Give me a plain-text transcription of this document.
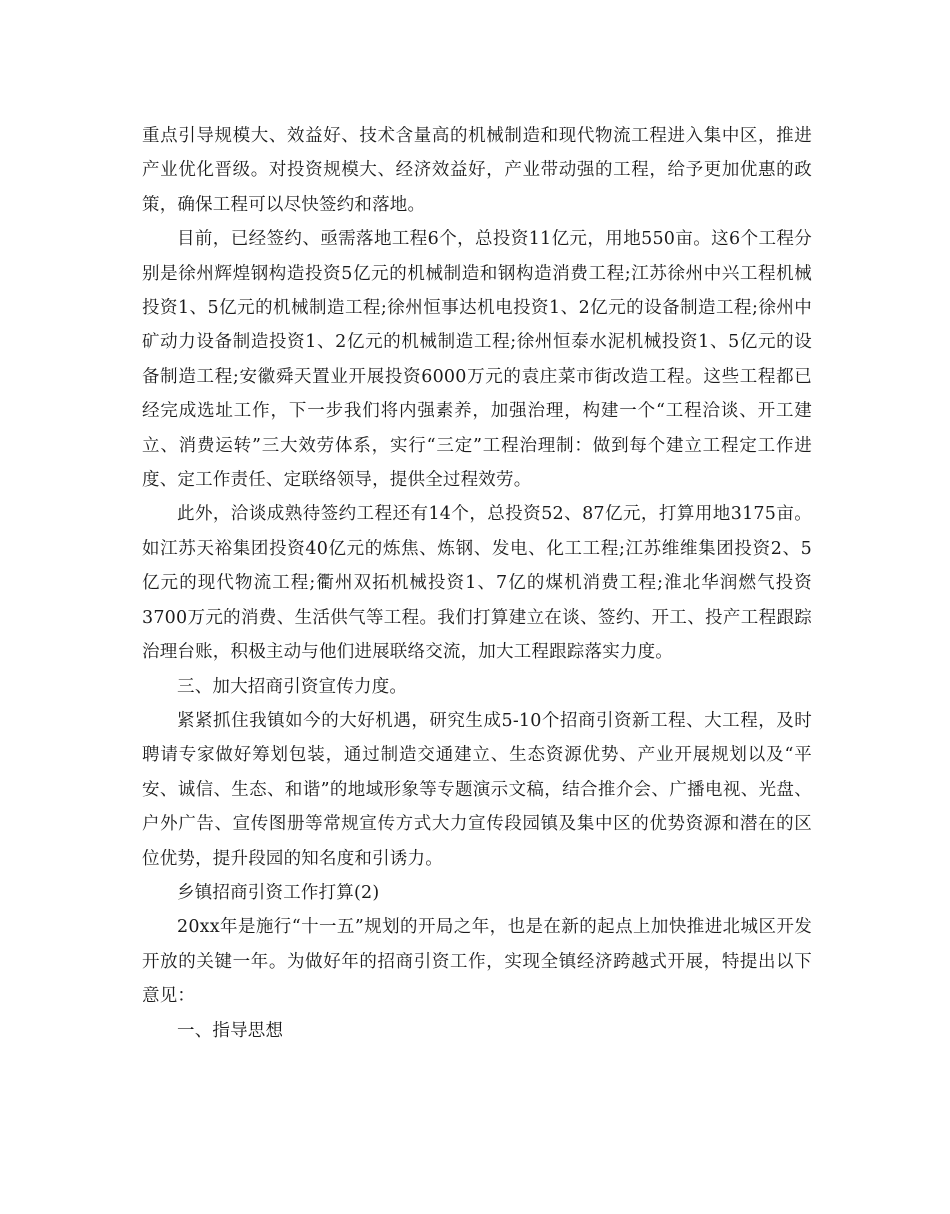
重点引导规模大、效益好、技术含量高的机械制造和现代物流工程进入集中区，推进产业优化晋级。对投资规模大、经济效益好，产业带动强的工程，给予更加优惠的政策，确保工程可以尽快签约和落地。

目前，已经签约、亟需落地工程6个，总投资11亿元，用地550亩。这6个工程分别是徐州辉煌钢构造投资5亿元的机械制造和钢构造消费工程;江苏徐州中兴工程机械投资1、5亿元的机械制造工程;徐州恒事达机电投资1、2亿元的设备制造工程;徐州中矿动力设备制造投资1、2亿元的机械制造工程;徐州恒泰水泥机械投资1、5亿元的设备制造工程;安徽舜天置业开展投资6000万元的袁庄菜市街改造工程。这些工程都已经完成选址工作，下一步我们将内强素养，加强治理，构建一个“工程洽谈、开工建立、消费运转”三大效劳体系，实行“三定”工程治理制：做到每个建立工程定工作进度、定工作责任、定联络领导，提供全过程效劳。

此外，洽谈成熟待签约工程还有14个，总投资52、87亿元，打算用地3175亩。如江苏天裕集团投资40亿元的炼焦、炼钢、发电、化工工程;江苏维维集团投资2、5亿元的现代物流工程;衢州双拓机械投资1、7亿的煤机消费工程;淮北华润燃气投资3700万元的消费、生活供气等工程。我们打算建立在谈、签约、开工、投产工程跟踪治理台账，积极主动与他们进展联络交流，加大工程跟踪落实力度。

三、加大招商引资宣传力度。

紧紧抓住我镇如今的大好机遇，研究生成5-10个招商引资新工程、大工程，及时聘请专家做好筹划包装，通过制造交通建立、生态资源优势、产业开展规划以及“平安、诚信、生态、和谐”的地域形象等专题演示文稿，结合推介会、广播电视、光盘、户外广告、宣传图册等常规宣传方式大力宣传段园镇及集中区的优势资源和潜在的区位优势，提升段园的知名度和引诱力。

乡镇招商引资工作打算(2)

20xx年是施行“十一五”规划的开局之年，也是在新的起点上加快推进北城区开发开放的关键一年。为做好年的招商引资工作，实现全镇经济跨越式开展，特提出以下意见：

一、指导思想
